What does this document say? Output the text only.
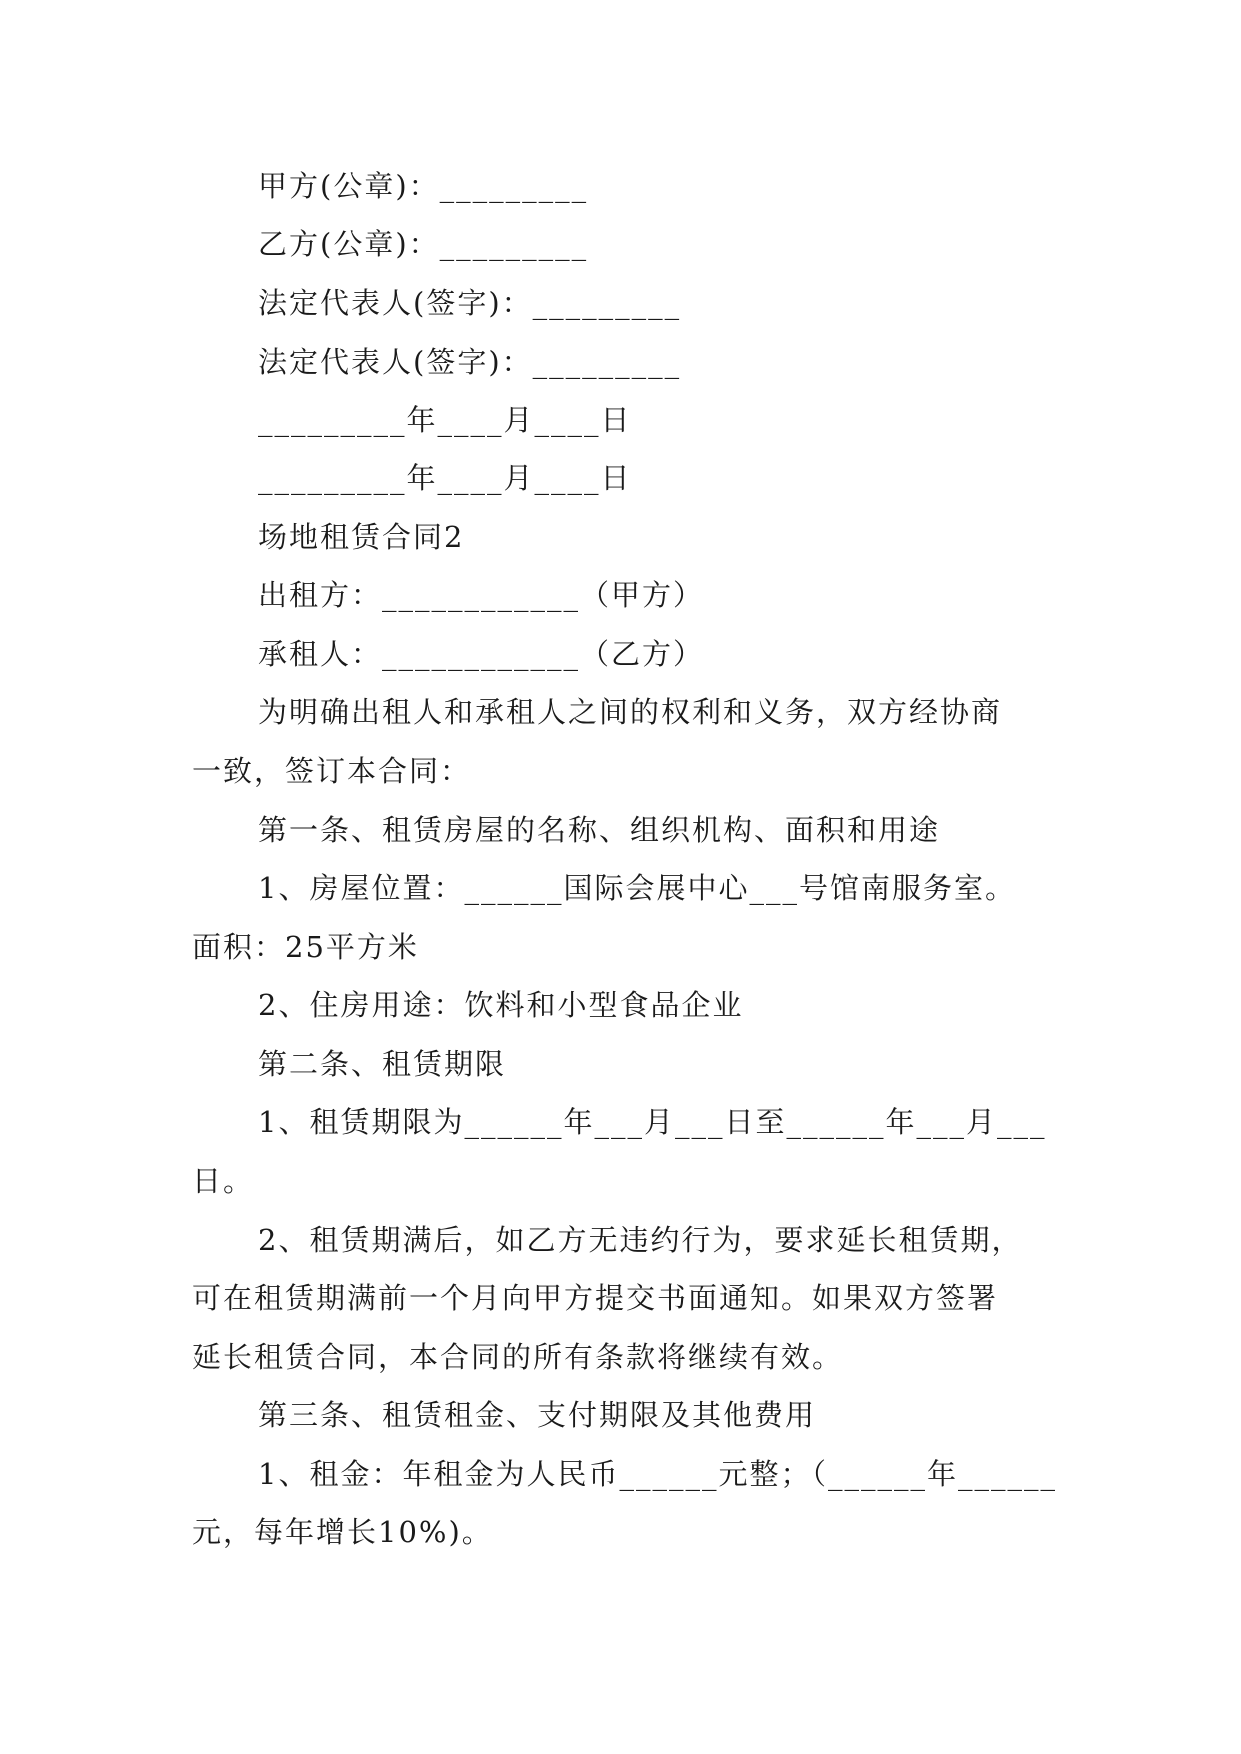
甲方(公章)：_________
乙方(公章)：_________
法定代表人(签字)：_________
法定代表人(签字)：_________
_________年____月____日
_________年____月____日
场地租赁合同2
出租方：____________（甲方）
承租人：____________（乙方）
为明确出租人和承租人之间的权利和义务，双方经协商
一致，签订本合同：
第一条、租赁房屋的名称、组织机构、面积和用途
1、房屋位置：______国际会展中心___号馆南服务室。
面积：25平方米
2、住房用途：饮料和小型食品企业
第二条、租赁期限
1、租赁期限为______年___月___日至______年___月___
日。
2、租赁期满后，如乙方无违约行为，要求延长租赁期，
可在租赁期满前一个月向甲方提交书面通知。如果双方签署
延长租赁合同，本合同的所有条款将继续有效。
第三条、租赁租金、支付期限及其他费用
1、租金：年租金为人民币______元整；（______年______
元，每年增长10%)。
